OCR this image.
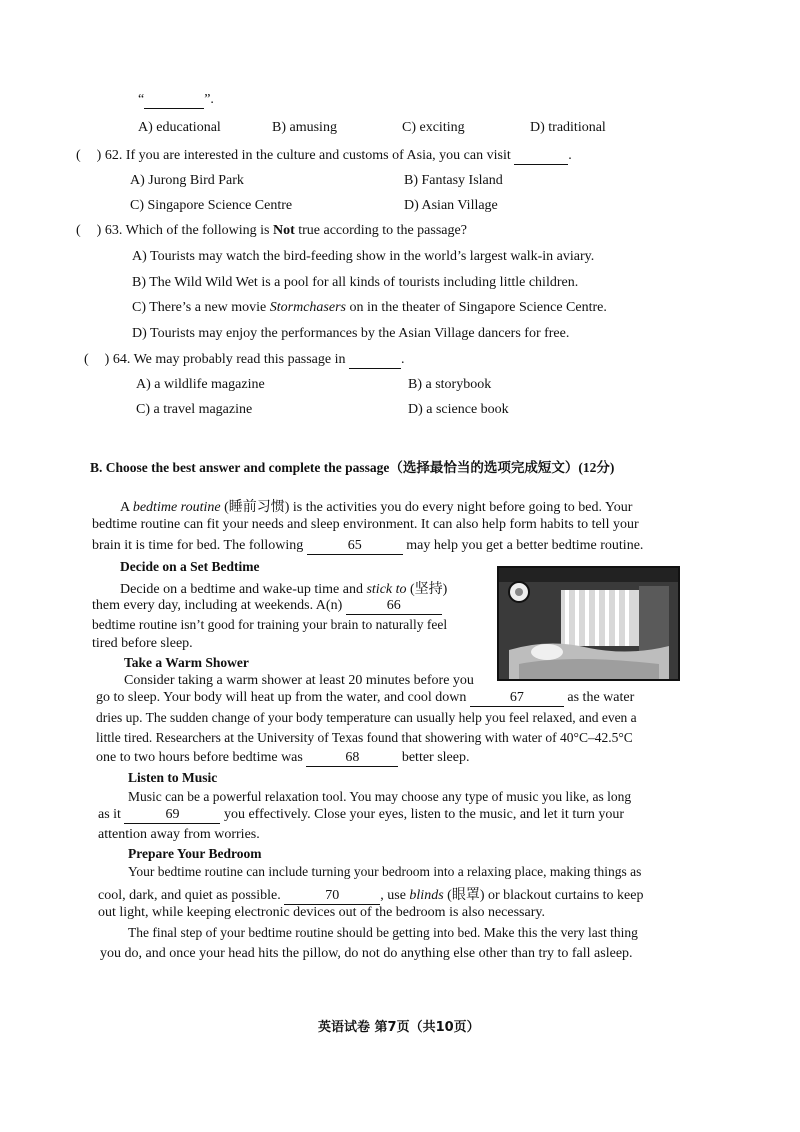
“	”.
A) educational	B) amusing	C) exciting	D) traditional
( ) 62. If you are interested in the culture and customs of Asia, you can visit	.
A) Jurong Bird Park	B) Fantasy Island
C) Singapore Science Centre	D) Asian Village
( ) 63. Which of the following is Not true according to the passage?
A) Tourists may watch the bird-feeding show in the world’s largest walk-in aviary.
B) The Wild Wild Wet is a pool for all kinds of tourists including little children.
C) There’s a new movie Stormchasers on in the theater of Singapore Science Centre.
D) Tourists may enjoy the performances by the Asian Village dancers for free.
( ) 64. We may probably read this passage in	.
A) a wildlife magazine	B) a storybook
C) a travel magazine	D) a science book
B. Choose the best answer and complete the passage（选择最恰当的选项完成短文）(12分)
A bedtime routine (睡前习惯) is the activities you do every night before going to bed. Your
bedtime routine can fit your needs and sleep environment. It can also help form habits to tell your
brain it is time for bed. The following	65	may help you get a better bedtime routine.
Decide on a Set Bedtime
Decide on a bedtime and wake-up time and stick to (坚持)
them every day, including at weekends. A(n)	66
bedtime routine isn’t good for training your brain to naturally feel
tired before sleep.
Take a Warm Shower
Consider taking a warm shower at least 20 minutes before you
go to sleep. Your body will heat up from the water, and cool down	67	as the water
dries up. The sudden change of your body temperature can usually help you feel relaxed, and even a
little tired. Researchers at the University of Texas found that showering with water of 40°C–42.5°C
one to two hours before bedtime was	68	better sleep.
Listen to Music
Music can be a powerful relaxation tool. You may choose any type of music you like, as long
as it	69	you effectively. Close your eyes, listen to the music, and let it turn your
attention away from worries.
Prepare Your Bedroom
Your bedtime routine can include turning your bedroom into a relaxing place, making things as
cool, dark, and quiet as possible.	70	, use blinds (眼罩) or blackout curtains to keep
out light, while keeping electronic devices out of the bedroom is also necessary.
The final step of your bedtime routine should be getting into bed. Make this the very last thing
you do, and once your head hits the pillow, do not do anything else other than try to fall asleep.
英语试卷 第7页（共10页）
